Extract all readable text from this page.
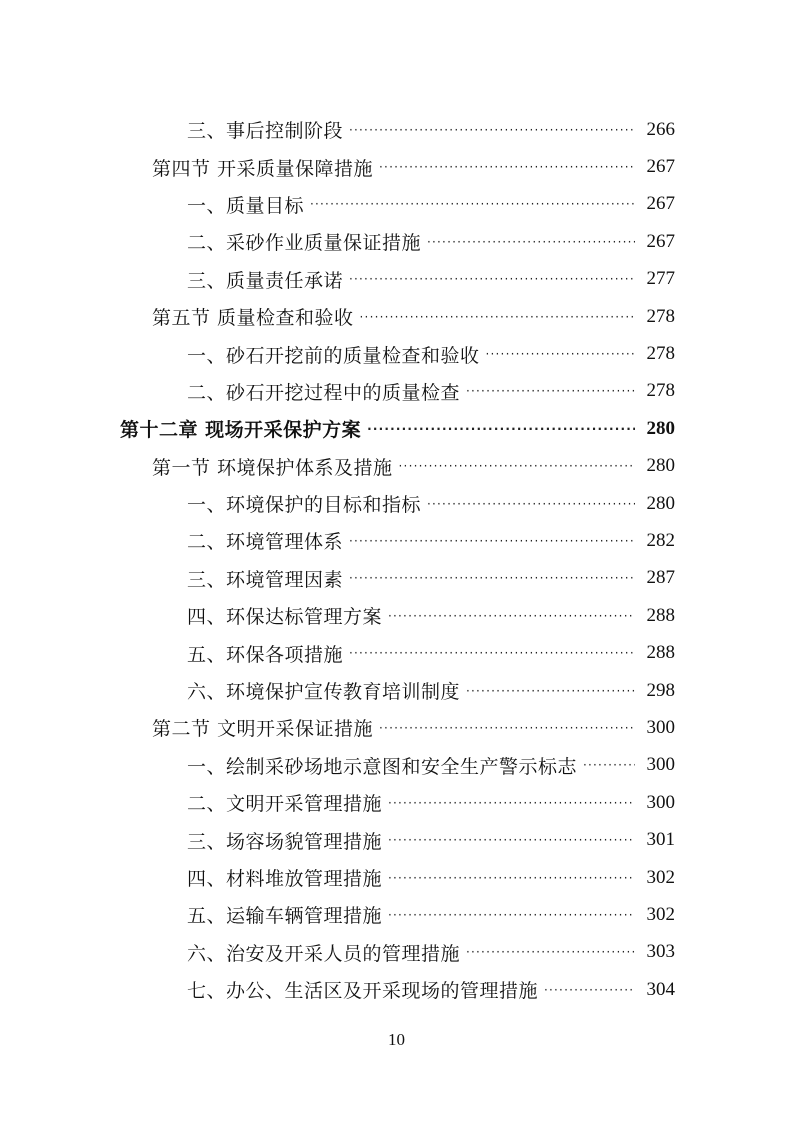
三、事后控制阶段 ·····	266
第四节 开采质量保障措施 ·····	267
一、质量目标 ·····	267
二、采砂作业质量保证措施 ·····	267
三、质量责任承诺 ·····	277
第五节 质量检查和验收 ·····	278
一、砂石开挖前的质量检查和验收 ·····	278
二、砂石开挖过程中的质量检查 ·····	278
第十二章 现场开采保护方案 ·····	280
第一节 环境保护体系及措施 ·····	280
一、环境保护的目标和指标 ·····	280
二、环境管理体系 ·····	282
三、环境管理因素 ·····	287
四、环保达标管理方案 ·····	288
五、环保各项措施 ·····	288
六、环境保护宣传教育培训制度 ·····	298
第二节 文明开采保证措施 ·····	300
一、绘制采砂场地示意图和安全生产警示标志 ·····	300
二、文明开采管理措施 ·····	300
三、场容场貌管理措施 ·····	301
四、材料堆放管理措施 ·····	302
五、运输车辆管理措施 ·····	302
六、治安及开采人员的管理措施 ·····	303
七、办公、生活区及开采现场的管理措施 ·····	304
10
